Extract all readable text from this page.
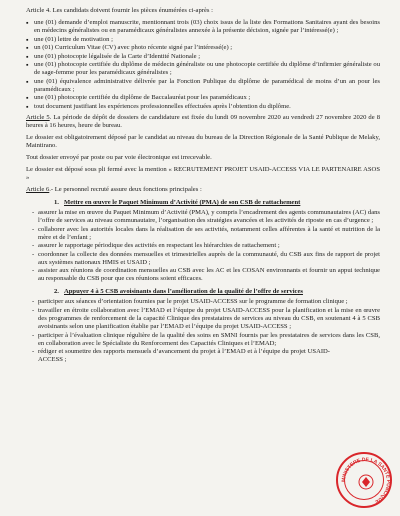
Article 4. Les candidats doivent fournir les pièces énumérées ci-après :
▪ une (01) demande d’emploi manuscrite, mentionnant trois (03) choix issus de la liste des Formations Sanitaires ayant des besoins en médecins généralistes ou en paramédicaux généralistes annexée à la présente décision, signée par l’intéressé(e) ;
▪ une (01) lettre de motivation ;
▪ un (01) Curriculum Vitae (CV) avec photo récente signé par l’intéressé(e) ;
▪ une (01) photocopie légalisée de la Carte d’Identité Nationale ;
▪ une (01) photocopie certifiée du diplôme de médecin généraliste ou une photocopie certifiée du diplôme d’infirmier généraliste ou de sage-femme pour les paramédicaux généralistes ;
▪ une (01) équivalence administrative délivrée par la Fonction Publique du diplôme de paramédical de moins d’un an pour les paramédicaux ;
▪ une (01) photocopie certifiée du diplôme de Baccalauréat pour les paramédicaux ;
▪ tout document justifiant les expériences professionnelles effectuées après l’obtention du diplôme.
Article 5. La période de dépôt de dossiers de candidature est fixée du lundi 09 novembre 2020 au vendredi 27 novembre 2020 de 8 heures à 16 heures, heure de bureau.
Le dossier est obligatoirement déposé par le candidat au niveau du bureau de la Direction Régionale de la Santé Publique de Melaky, Maintirano.
Tout dossier envoyé par poste ou par voie électronique est irrecevable.
Le dossier est déposé sous pli fermé avec la mention « RECRUTEMENT PROJET USAID-ACCESS VIA LE PARTENAIRE ASOS »
Article 6.- Le personnel recruté assure deux fonctions principales :
1. Mettre en œuvre le Paquet Minimum d’Activité (PMA) de son CSB de rattachement
- assurer la mise en œuvre du Paquet Minimum d’Activité (PMA), y compris l’encadrement des agents communautaires (AC) dans l’offre de services au niveau communautaire, l’organisation des stratégies avancées et les activités de riposte en cas d’urgence ;
- collaborer avec les autorités locales dans la réalisation de ses activités, notamment celles afférentes à la santé et nutrition de la mère et de l’enfant ;
- assurer le rapportage périodique des activités en respectant les hiérarchies de rattachement ;
- coordonner la collecte des données mensuelles et trimestrielles auprès de la communauté, du CSB aux fins de rapport de projet aux systèmes nationaux HMIS et USAID ;
- assister aux réunions de coordination mensuelles au CSB avec les AC et les COSAN environnants et fournir un appui technique au responsable du CSB pour que ces réunions soient efficaces.
2. Appuyer 4 à 5 CSB avoisinants dans l’amélioration de la qualité de l’offre de services
- participer aux séances d’orientation fournies par le projet USAID-ACCESS sur le programme de formation clinique ;
- travailler en étroite collaboration avec l’EMAD et l’équipe du projet USAID-ACCESS pour la planification et la mise en œuvre des programmes de renforcement de la capacité Clinique des prestataires de services au niveau du CSB, en soutenant 4 à 5 CSB avoisinants selon une planification établie par l’EMAD et l’équipe du projet USAID-ACCESS ;
- participer à l’évaluation clinique régulière de la qualité des soins en SMNI fournis par les prestataires de services dans les CSB, en collaboration avec le Spécialiste du Renforcement des Capacités Cliniques et l’EMAD;
- rédiger et soumettre des rapports mensuels d’avancement du projet à l’EMAD et à l’équipe du projet USAID-ACCESS ;
MINISTERE DE LA SANTE PUBLIQUE
